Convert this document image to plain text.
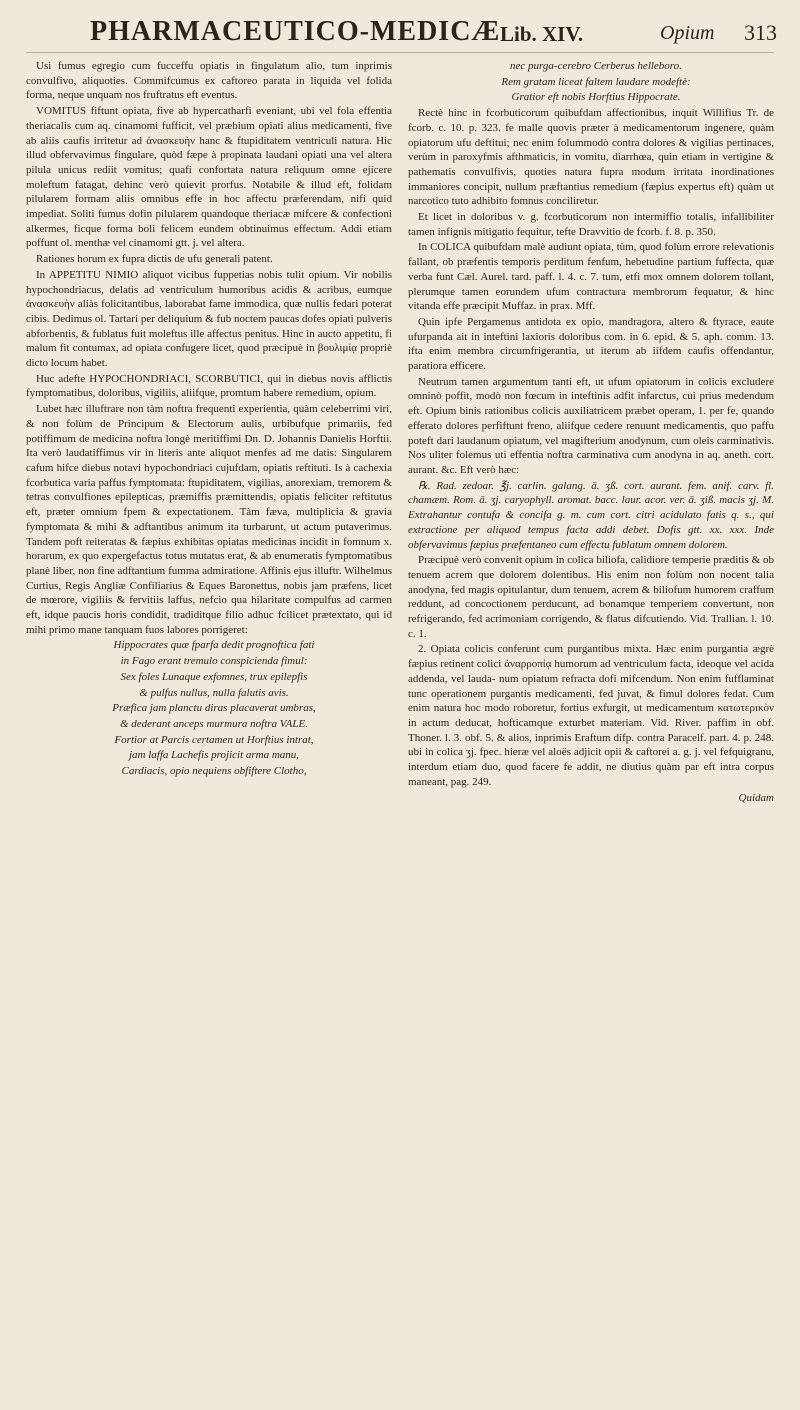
PHARMACEUTICO-MEDICÆ Lib. XIV.	Opium 313

Usi fumus egregio cum fucceffu opiatis in fingulatum alio, tum inprimis convulfivo, aliquoties. Commifcumus ex caftoreo parata in liquida vel folida forma, neque unquam nos fruftratus eft eventus.

VOMITUS fiftunt opiata, five ab hypercatharfi eveniant, ubi vel fola effentia theriacalis cum aq. cinamomi fufficit, vel præbium opiati alius medicamenti, five ab aliis caufis irritetur ad ἀνασκευὴν hanc & ftupiditatem ventriculi natura. Hic illud obfervavimus fingulare, quòd fæpe à propinata laudani opiati una vel altera pilula unicus rediit vomitus; quafi confortata natura reliquum omne ejicere moleftum fatagat, dehinc verò quievit prorfus. Notabile & illud eft, folidam pilularem formam aliis omnibus effe in hoc affectu præferendam, nifi quid impediat. Soliti fumus dofin pilularem quandoque theriacæ mifcere & confectioni alkermes, ficque forma boli felicem eundem obtinuimus effectum. Addi etiam poffunt ol. menthæ vel cinamomi gtt. j. vel altera.

Rationes horum ex fupra dictis de ufu generali patent.

In APPETITU NIMIO aliquot vicibus fuppetias nobis tulit opium. Vir nobilis hypochondriacus, delatis ad ventriculum humoribus acidis & acribus, eumque ἀνασκευὴν aliàs folicitantibus, laborabat fame immodica, quæ nullis fedari poterat cibis. Dedimus ol. Tartari per deliquium & fub noctem paucas dofes opiati pulveris abforbentis, & fublatus fuit moleftus ille affectus penitus. Hinc in aucto appetitu, fi malum fit contumax, ad opiata confugere licet, quod præcipuè in βουλιμίᾳ propriè dicto locum habet.

Huc adefte HYPOCHONDRIACI, SCORBUTICI, qui in diebus novis afflictis fymptomatibus, doloribus, vigiliis, aliifque, promtum habere remedium, opium.

Lubet hæc illuftrare non tàm noftra frequenti experientia, quàm celeberrimi viri, & non folùm de Principum & Electorum aulis, urbibufque primariis, fed potiffimum de medicina noftra longè meritiffimi Dn. D. Johannis Danielis Horftii. Ita verò laudatiffimus vir in literis ante aliquot menfes ad me datis: Singularem cafum hifce diebus notavi hypochondriaci cujufdam, opiatis reftituti. Is à cachexia fcorbutica varia paffus fymptomata: ftupiditatem, vigilias, anorexiam, tremorem & tetras convulfiones epilepticas, præmiffis præmittendis, opiatis feliciter reftitutus eft, præter omnium fpem & expectationem. Tàm fæva, multiplicia & gravia fymptomata & mihi & adftantibus animum ita turbarunt, ut actum putaverimus. Tandem poft reiteratas & fæpius exhibitas opiatas medicinas incidit in fomnum x. horarum, ex quo expergefactus totus mutatus erat, & ab enumeratis fymptomatibus planè liber, non fine adftantium fumma admiratione. Affinis ejus illuftr. Wilhelmus Curtius, Regis Angliæ Confiliarius & Eques Baronettus, nobis jam præfens, licet de mœrore, vigiliis & fervitiis laffus, nefcio qua hilaritate compulfus ad carmen eft, idque paucis horis condidit, tradiditque filio adhuc fcilicet prætextato, qui id mihi primo mane tanquam fuos labores porrigeret:

Hippocrates quæ fparfa dedit prognoftica fati

in Fago erant tremulo conspicienda fimul:

Sex foles Lunaque exfomnes, trux epilepfis

& pulfus nullus, nulla falutis avis.

Præfica jam planctu diras placaverat umbras,

& dederant anceps murmura noftra VALE.

Fortior at Parcis certamen ut Horftius intrat,

jam laffa Lachefis projicit arma manu,

Cardiacis, opio nequiens obfiftere Clotho,

nec purga-cerebro Cerberus helleboro.

Rem gratam liceat faltem laudare modeftè:

Gratior eft nobis Horftius Hippocrate.

Rectè hinc in fcorbuticorum quibufdam affectionibus, inquit Willifius Tr. de fcorb. c. 10. p. 323. fe malle quovis præter à medicamentorum ingenere, quàm opiatorum ufu deftitui; nec enim folummodò contra dolores & vigilias pertinaces, verùm in paroxyfmis afthmaticis, in vomitu, diarrhœa, quin etiam in vertigine & pathematis convulfivis, quoties natura fupra modum irritata inordinationes immaniores concipit, nullum præftantius remedium (fæpius expertus eft) quàm ut narcotico tuto adhibito fomnus conciliretur.

Et licet in doloribus v. g. fcorbuticorum non intermiffio totalis, infallibiliter tamen infignis mitigatio fequitur, tefte Dravvitio de fcorb. f. 8. p. 350.

In COLICA quibufdam malè audiunt opiata, tùm, quod folùm errore relevationis fallant, ob præfentis temporis perditum fenfum, hebetudine partium fuffecta, quæ verba funt Cæl. Aurel. tard. paff. l. 4. c. 7. tum, etfi mox omnem dolorem tollant, plerumque tamen eorundem ufum contractura membrorum fequatur, & hinc vitanda effe præcipit Muffaz. in prax. Mff.

Quin ipfe Pergamenus antidota ex opio, mandragora, altero & ftyrace, eaute ufurpanda ait in inteftini laxioris doloribus com. in 6. epid. & 5. aph. comm. 13. ifta enim membra circumfrigerantia, ut iterum ab iifdem caufis offendantur, paratiora efficere.

Neutrum tamen argumentum tanti eft, ut ufum opiatorum in colicis excludere omninò poffit, modò non fœcum in inteftinis adfit infarctus, cui prius medendum eft. Opium binis rationibus colicis auxiliatricem præbet operam, 1. per fe, quando efferato dolores perfiftunt freno, aliifque cedere renuunt medicamentis, quo paffu poteft dari laudanum opiatum, vel magifterium anodynum, cum oleis carminativis. Nos uliter folemus uti effentia noftra carminativa cum anodyna in aq. aneth. cort. aurant. &c. Eft verò hæc:

℞. Rad. zedoar. ℥j. carlin. galang. ā. ʒß. cort. aurant. fem. anif. carv. fl. chamæm. Rom. ā. ʒj. caryophyll. aromat. bacc. laur. acor. ver. ā. ʒiß. macis ʒj. M. Extrahantur contufa & concifa g. m. cum cort. citri acidulato fatis q. s., qui extractione per aliquod tempus facta addi debet. Dofis gtt. xx. xxx. Inde obfervavimus fæpius præfentaneo cum effectu fublatum omnem dolorem.

Præcipuè verò convenit opium in colica biliofa, calidiore temperie præditis & ob tenuem acrem que dolorem dolentibus. His enim non folùm non nocent talia anodyna, fed magis opitulantur, dum tenuem, acrem & biliofum humorem craffum reddunt, ad concoctionem perducunt, ad bonamque temperiem convertunt, non refrigerando, fed acrimoniam corrigendo, & flatus difcutiendo. Vid. Trallian. l. 10. c. 1.

2. Opiata colicis conferunt cum purgantibus mixta. Hæc enim purgantia ægrè fæpius retinent colici ἀναρροπίᾳ humorum ad ventriculum facta, ideoque vel acida addenda, vel lauda- num opiatum refracta dofi mifcendum. Non enim fufflaminat tunc operationem purgantis medicamenti, fed juvat, & fimul dolores fedat. Cum enim natura hoc modo roboretur, fortius exfurgit, ut medicamentum κατωτερικὸν in actum deducat, hofticamque exturbet materiam. Vid. River. paffim in obf. Thoner. l. 3. obf. 5. & alios, inprimis Eraftum difp. contra Paracelf. part. 4. p. 248. ubi in colica ʒj. fpec. hieræ vel aloës adjicit opii & caftorei a. g. j. vel fefquigranu, interdum etiam duo, quod facere fe addit, ne diutius quàm par eft intra corpus maneant, pag. 249.

Quidam
